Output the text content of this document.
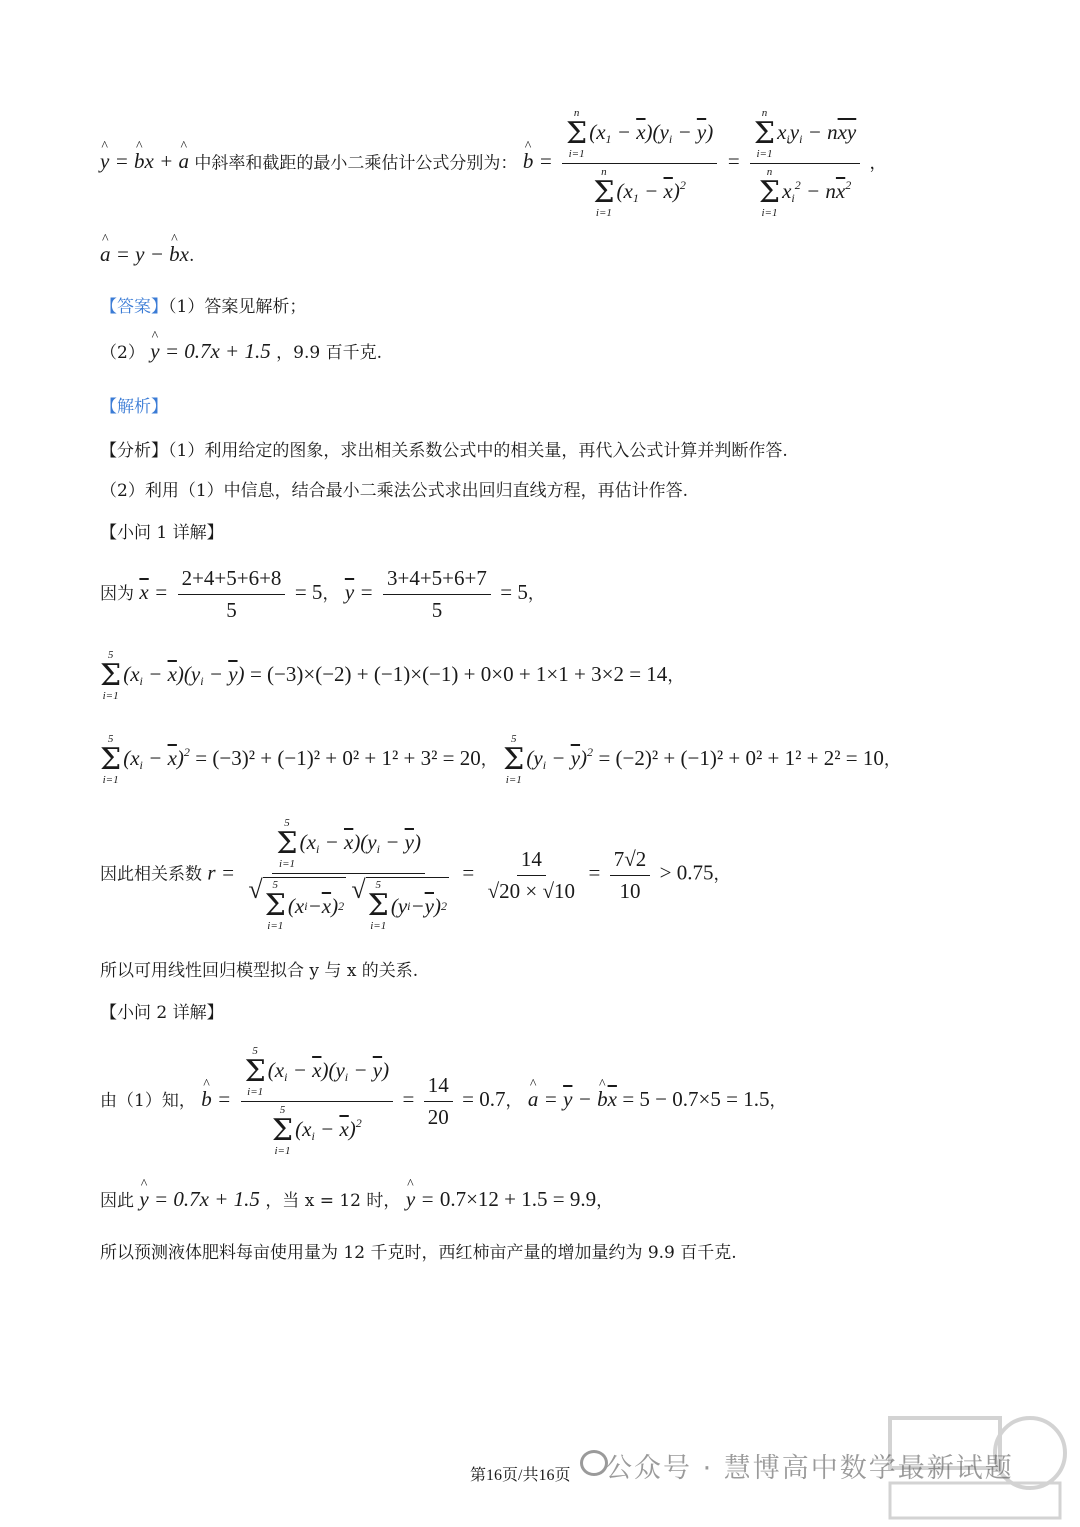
^ y = ^ bx + ^ a 中斜率和截距的最小二乘估计公式分别为： ^ b = n
Σ
i=1
$(x_1 - \overline{x})(y_i - \overline{y})$
n
Σ
i=1
$(x_1 - \overline{x})^2 = n$
Σ
i=1
$x_iy_i - n\overline{xy}$
n
Σ
i=1
$x_i^2 - n\overline{x}^2$ ，
^ a = y − ^ bx.
【答案】（1）答案见解析；
（2） ^ y = 0.7x + 1.5 ，9.9 百千克.
【解析】
【分析】（1）利用给定的图象，求出相关系数公式中的相关量，再代入公式计算并判断作答.
（2）利用（1）中信息，结合最小二乘法公式求出回归直线方程，再估计作答.
【小问 1 详解】
因为 $\overline{x} = \frac{2+4+5+6+8}{5} = 5$， $\overline{y} = \frac{3+4+5+6+7}{5} = 5$，
5
Σ
i=1
$(x_i - \overline{x})(y_i - \overline{y}) = (-3)\times(-2) + (-1)\times(-1) + 0\times 0 + 1\times 1 + 3\times 2 = 14$，
5
Σ
i=1
$(x_i - \overline{x})^2 = (-3)^2 + (-1)^2 + 0^2 + 1^2 + 3^2 = 20$，
5
Σ
i=1
$(y_i - \overline{y})^2 = (-2)^2 + (-1)^2 + 0^2 + 1^2 + 2^2 = 10$，
因此相关系数 r = 5
Σ
i=1
$(x_i - \overline{x})(y_i - \overline{y})$
√ 5
Σ
i=1
(x $i - \overline{x}$ ) 2

√ 5
Σ
i=1
(y $i - \overline{y}$ ) $2 = \frac{14}{√20 \times √10} = \frac{7√2}{10} > 0.75$，
所以可用线性回归模型拟合 y 与 x 的关系.
【小问 2 详解】
由（1）知， ^ b = 5
Σ
i=1
$(x_i - \overline{x})(y_i - \overline{y})$
5
Σ
i=1
$(x_i - \overline{x})^2 = \frac{14}{20} = 0.7$， ^ $a = \overline{y}$ − ^ $b\overline{x} = 5 - 0.7\times 5 = 1.5$，
因此 ^ y = 0.7x + 1.5 ，当 x = 12 时， ^ y = 0.7×12 + 1.5 = 9.9，
所以预测液体肥料每亩使用量为 12 千克时，西红柿亩产量的增加量约为 9.9 百千克.
公众号 · 慧博高中数学最新试题
第16页/共16页
